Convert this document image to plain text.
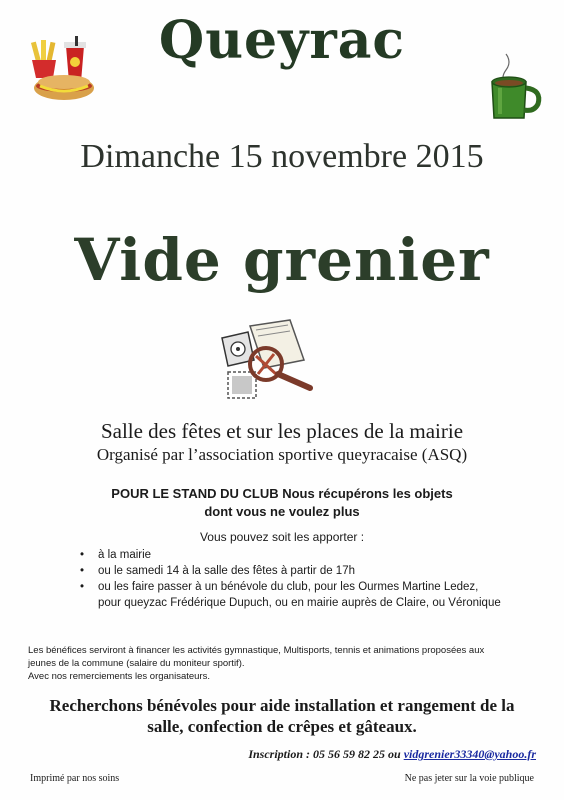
Queyrac
Dimanche 15 novembre 2015
Vide grenier
Salle des fêtes et sur les places de la mairie
Organisé par l’association sportive queyracaise (ASQ)
POUR LE STAND DU CLUB Nous récupérons les objets
dont vous ne voulez plus
Vous pouvez soit les apporter :
• à la mairie
• ou le samedi 14 à la salle des fêtes à partir de 17h
• ou les faire passer à un bénévole du club, pour les Ourmes Martine Ledez,
pour queyzac Frédérique Dupuch, ou en mairie auprès de Claire, ou Véronique
Les bénéfices serviront à financer les activités gymnastique, Multisports, tennis et animations proposées aux
jeunes de la commune (salaire du moniteur sportif).
Avec nos remerciements les organisateurs.
Recherchons bénévoles pour aide installation et rangement de la
salle, confection de crêpes et gâteaux.
Inscription : 05 56 59 82 25 ou vidgrenier33340@yahoo.fr
Imprimé par nos soins	Ne pas jeter sur la voie publique
